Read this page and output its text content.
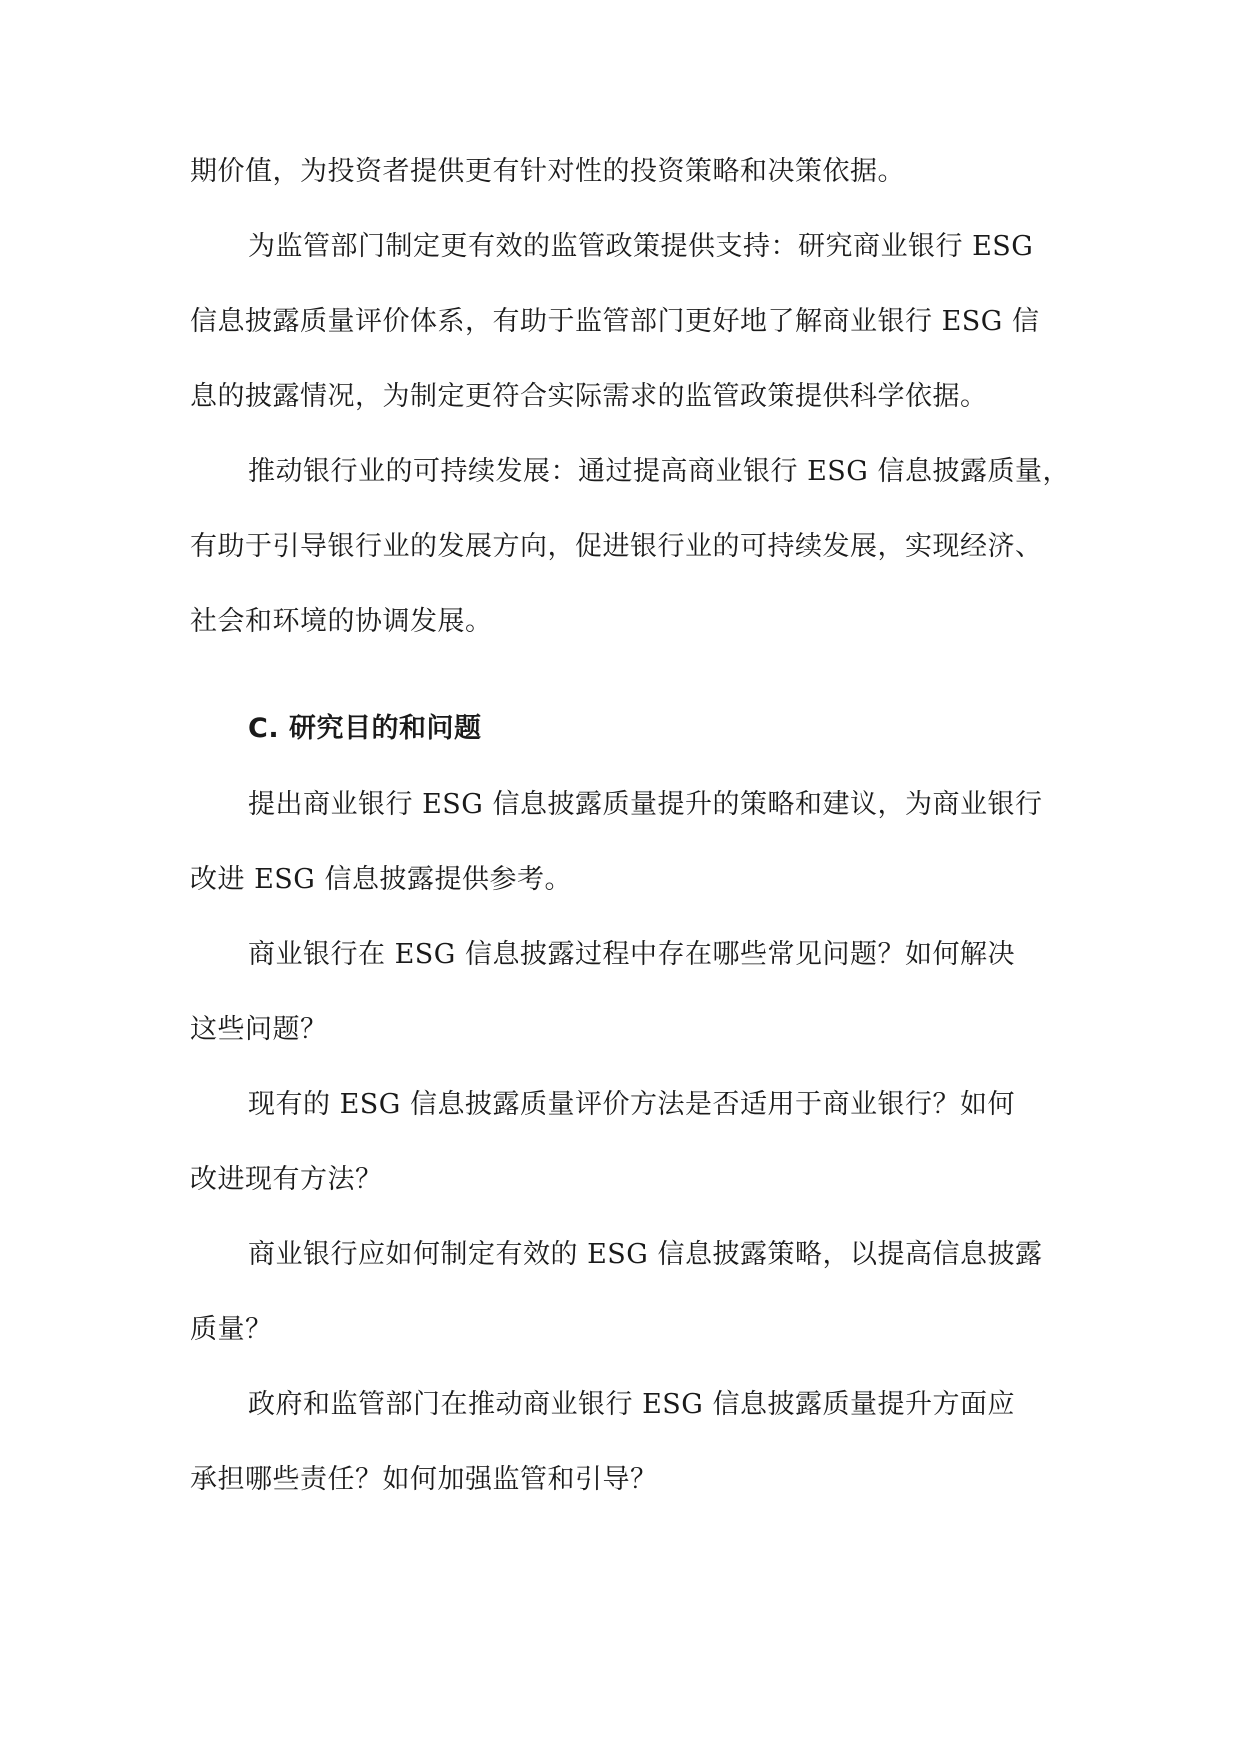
期价值，为投资者提供更有针对性的投资策略和决策依据。
为监管部门制定更有效的监管政策提供支持：研究商业银行 ESG
信息披露质量评价体系，有助于监管部门更好地了解商业银行 ESG 信
息的披露情况，为制定更符合实际需求的监管政策提供科学依据。
推动银行业的可持续发展：通过提高商业银行 ESG 信息披露质量，
有助于引导银行业的发展方向，促进银行业的可持续发展，实现经济、
社会和环境的协调发展。
C. 研究目的和问题
提出商业银行 ESG 信息披露质量提升的策略和建议，为商业银行
改进 ESG 信息披露提供参考。
商业银行在 ESG 信息披露过程中存在哪些常见问题？如何解决
这些问题？
现有的 ESG 信息披露质量评价方法是否适用于商业银行？如何
改进现有方法？
商业银行应如何制定有效的 ESG 信息披露策略，以提高信息披露
质量？
政府和监管部门在推动商业银行 ESG 信息披露质量提升方面应
承担哪些责任？如何加强监管和引导？
